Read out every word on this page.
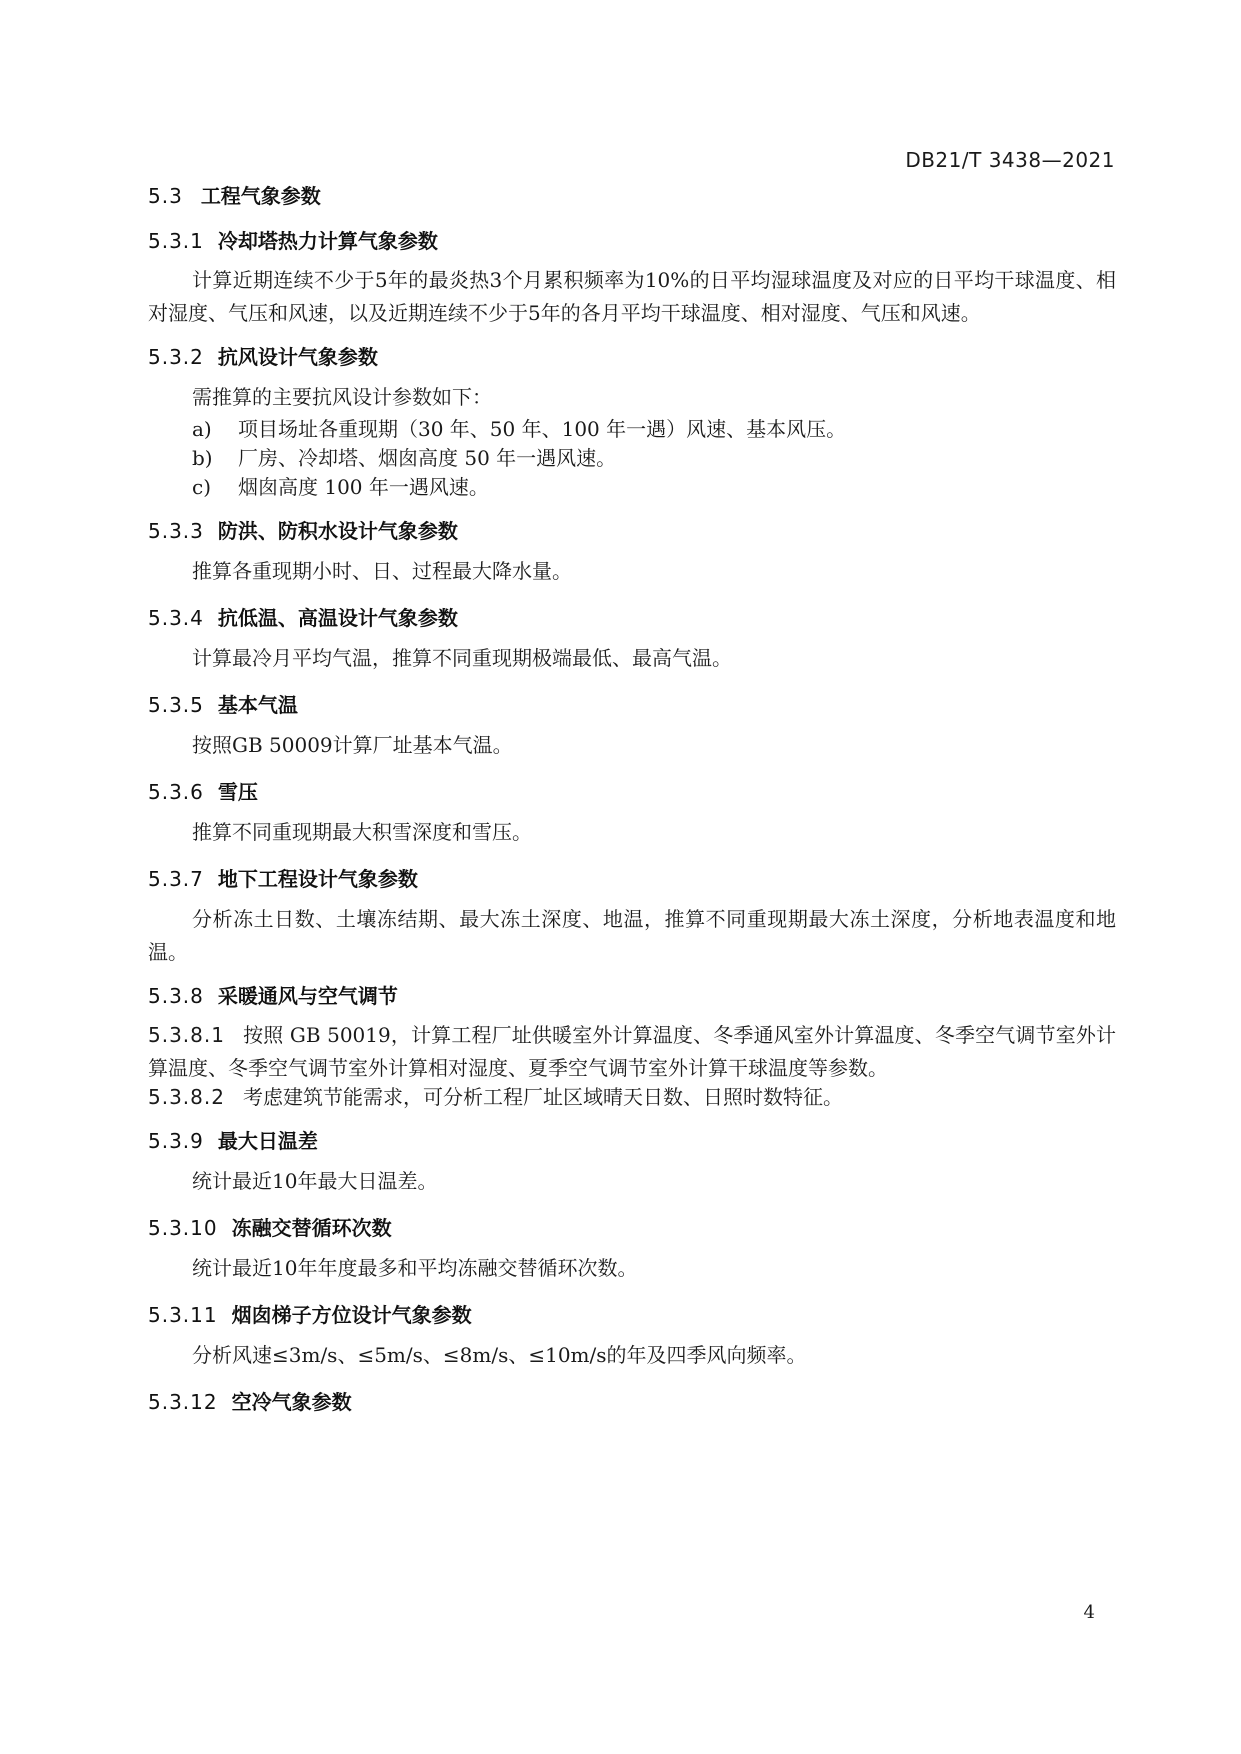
DB21/T 3438—2021
5.3 工程气象参数
5.3.1 冷却塔热力计算气象参数
计算近期连续不少于5年的最炎热3个月累积频率为10%的日平均湿球温度及对应的日平均干球温度、相对湿度、气压和风速，以及近期连续不少于5年的各月平均干球温度、相对湿度、气压和风速。
5.3.2 抗风设计气象参数
需推算的主要抗风设计参数如下：
a) 项目场址各重现期（30 年、50 年、100 年一遇）风速、基本风压。
b) 厂房、冷却塔、烟囱高度 50 年一遇风速。
c) 烟囱高度 100 年一遇风速。
5.3.3 防洪、防积水设计气象参数
推算各重现期小时、日、过程最大降水量。
5.3.4 抗低温、高温设计气象参数
计算最冷月平均气温，推算不同重现期极端最低、最高气温。
5.3.5 基本气温
按照GB 50009计算厂址基本气温。
5.3.6 雪压
推算不同重现期最大积雪深度和雪压。
5.3.7 地下工程设计气象参数
分析冻土日数、土壤冻结期、最大冻土深度、地温，推算不同重现期最大冻土深度，分析地表温度和地温。
5.3.8 采暖通风与空气调节
5.3.8.1 按照 GB 50019，计算工程厂址供暖室外计算温度、冬季通风室外计算温度、冬季空气调节室外计算温度、冬季空气调节室外计算相对湿度、夏季空气调节室外计算干球温度等参数。
5.3.8.2 考虑建筑节能需求，可分析工程厂址区域晴天日数、日照时数特征。
5.3.9 最大日温差
统计最近10年最大日温差。
5.3.10 冻融交替循环次数
统计最近10年年度最多和平均冻融交替循环次数。
5.3.11 烟囱梯子方位设计气象参数
分析风速≤3m/s、≤5m/s、≤8m/s、≤10m/s的年及四季风向频率。
5.3.12 空冷气象参数
4
